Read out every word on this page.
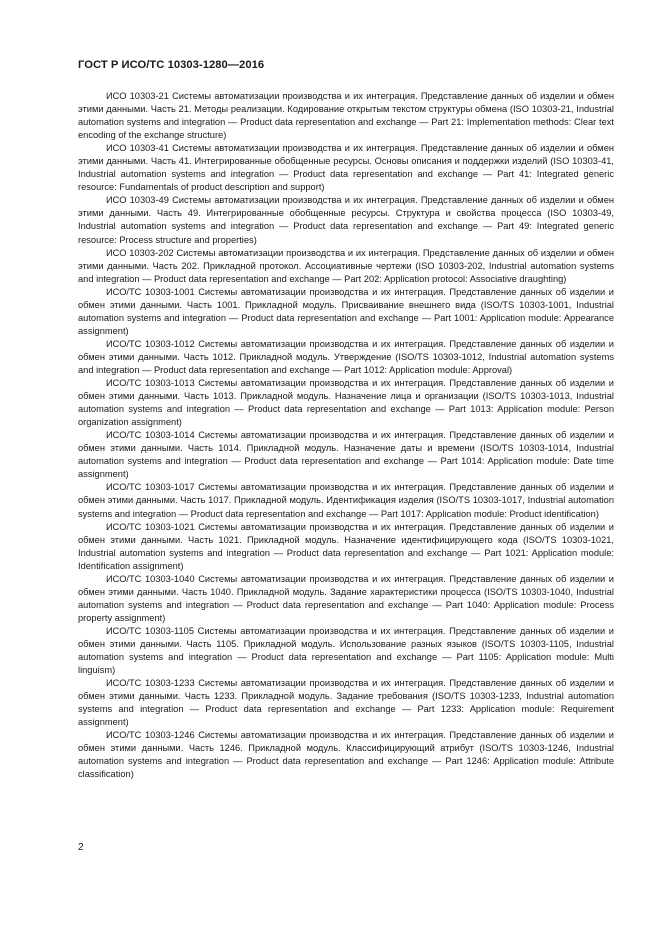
ГОСТ Р ИСО/ТС 10303-1280—2016

ИСО 10303-21 Системы автоматизации производства и их интеграция. Представление данных об изделии и обмен этими данными. Часть 21. Методы реализации. Кодирование открытым текстом структуры обмена (ISO 10303-21, Industrial automation systems and integration — Product data representation and exchange — Part 21: Implementation methods: Clear text encoding of the exchange structure)

ИСО 10303-41 Системы автоматизации производства и их интеграция. Представление данных об изделии и обмен этими данными. Часть 41. Интегрированные обобщенные ресурсы. Основы описания и поддержки изделий (ISO 10303-41, Industrial automation systems and integration — Product data representation and exchange — Part 41: Integrated generic resource: Fundamentals of product description and support)

ИСО 10303-49 Системы автоматизации производства и их интеграция. Представление данных об изделии и обмен этими данными. Часть 49. Интегрированные обобщенные ресурсы. Структура и свойства процесса (ISO 10303-49, Industrial automation systems and integration — Product data representation and exchange — Part 49: Integrated generic resource: Process structure and properties)

ИСО 10303-202 Системы автоматизации производства и их интеграция. Представление данных об изделии и обмен этими данными. Часть 202. Прикладной протокол. Ассоциативные чертежи (ISO 10303-202, Industrial automation systems and integration — Product data representation and exchange — Part 202: Application protocol: Associative draughting)

ИСО/ТС 10303-1001 Системы автоматизации производства и их интеграция. Представление данных об изделии и обмен этими данными. Часть 1001. Прикладной модуль. Присваивание внешнего вида (ISO/TS 10303-1001, Industrial automation systems and integration — Product data representation and exchange — Part 1001: Application module: Appearance assignment)

ИСО/ТС 10303-1012 Системы автоматизации производства и их интеграция. Представление данных об изделии и обмен этими данными. Часть 1012. Прикладной модуль. Утверждение (ISO/TS 10303-1012, Industrial automation systems and integration — Product data representation and exchange — Part 1012: Application module: Approval)

ИСО/ТС 10303-1013 Системы автоматизации производства и их интеграция. Представление данных об изделии и обмен этими данными. Часть 1013. Прикладной модуль. Назначение лица и организации (ISO/TS 10303-1013, Industrial automation systems and integration — Product data representation and exchange — Part 1013: Application module: Person organization assignment)

ИСО/ТС 10303-1014 Системы автоматизации производства и их интеграция. Представление данных об изделии и обмен этими данными. Часть 1014. Прикладной модуль. Назначение даты и времени (ISO/TS 10303-1014, Industrial automation systems and integration — Product data representation and exchange — Part 1014: Application module: Date time assignment)

ИСО/ТС 10303-1017 Системы автоматизации производства и их интеграция. Представление данных об изделии и обмен этими данными. Часть 1017. Прикладной модуль. Идентификация изделия (ISO/TS 10303-1017, Industrial automation systems and integration — Product data representation and exchange — Part 1017: Application module: Product identification)

ИСО/ТС 10303-1021 Системы автоматизации производства и их интеграция. Представление данных об изделии и обмен этими данными. Часть 1021. Прикладной модуль. Назначение идентифицирующего кода (ISO/TS 10303-1021, Industrial automation systems and integration — Product data representation and exchange — Part 1021: Application module: Identification assignment)

ИСО/ТС 10303-1040 Системы автоматизации производства и их интеграция. Представление данных об изделии и обмен этими данными. Часть 1040. Прикладной модуль. Задание характеристики процесса (ISO/TS 10303-1040, Industrial automation systems and integration — Product data representation and exchange — Part 1040: Application module: Process property assignment)

ИСО/ТС 10303-1105 Системы автоматизации производства и их интеграция. Представление данных об изделии и обмен этими данными. Часть 1105. Прикладной модуль. Использование разных языков (ISO/TS 10303-1105, Industrial automation systems and integration — Product data representation and exchange — Part 1105: Application module: Multi linguism)

ИСО/ТС 10303-1233 Системы автоматизации производства и их интеграция. Представление данных об изделии и обмен этими данными. Часть 1233. Прикладной модуль. Задание требования (ISO/TS 10303-1233, Industrial automation systems and integration — Product data representation and exchange — Part 1233: Application module: Requirement assignment)

ИСО/ТС 10303-1246 Системы автоматизации производства и их интеграция. Представление данных об изделии и обмен этими данными. Часть 1246. Прикладной модуль. Классифицирующий атрибут (ISO/TS 10303-1246, Industrial automation systems and integration — Product data representation and exchange — Part 1246: Application module: Attribute classification)

2
